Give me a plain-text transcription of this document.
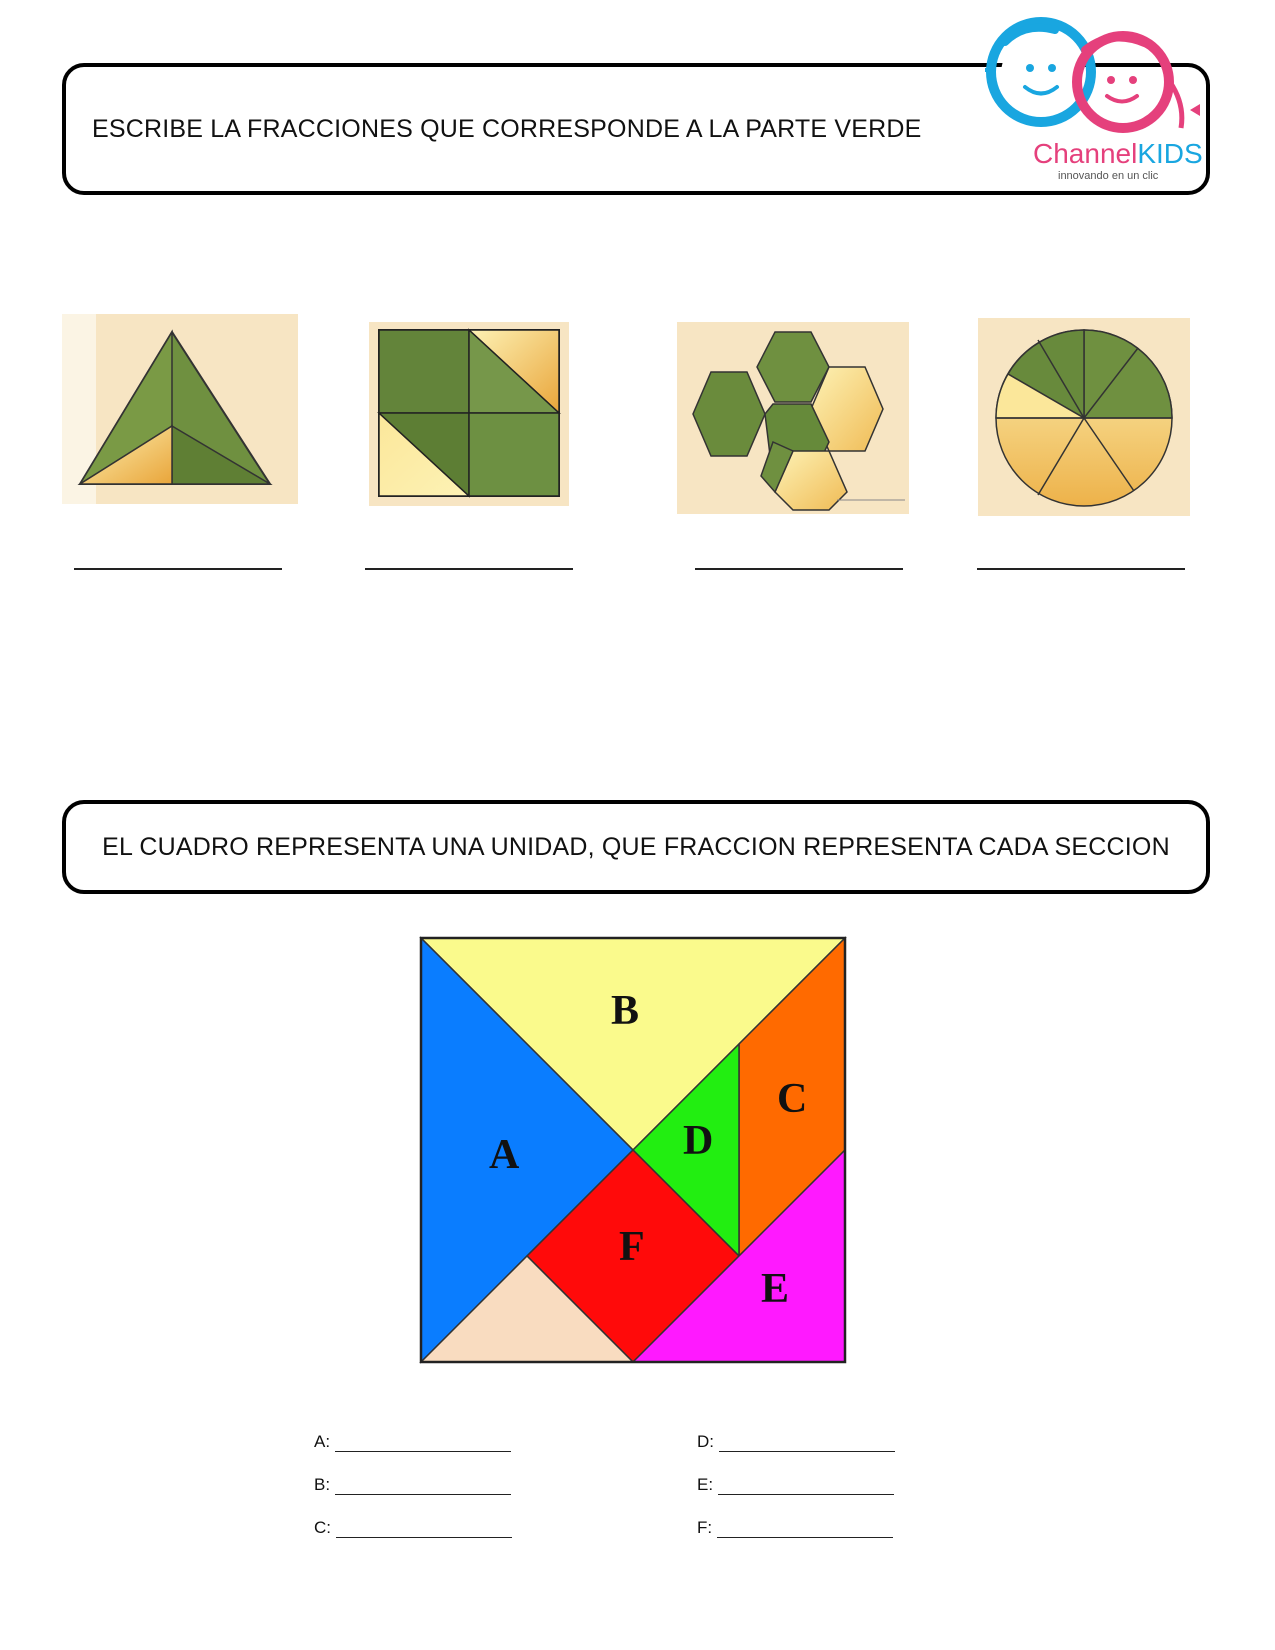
ESCRIBE LA FRACCIONES QUE CORRESPONDE A LA PARTE VERDE
ChannelKIDS
innovando en un clic
EL CUADRO REPRESENTA UNA UNIDAD, QUE FRACCION REPRESENTA CADA SECCION
B
A
C
D
F
E
A:
B:
C:
D:
E:
F:
